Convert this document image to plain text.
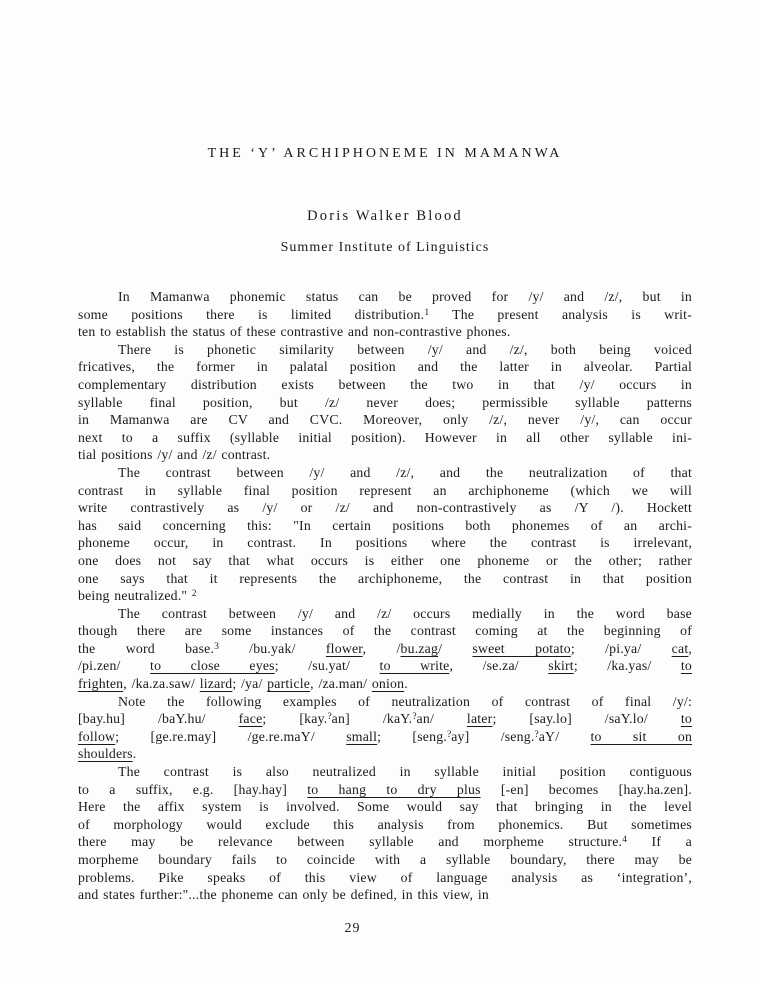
THE ‘Y’ ARCHIPHONEME IN MAMANWA
Doris Walker Blood
Summer Institute of Linguistics
In Mamanwa phonemic status can be proved for /y/ and /z/, but in
some positions there is limited distribution.$^1$ The present analysis is writ-
ten to establish the status of these contrastive and non-contrastive phones.
There is phonetic similarity between /y/ and /z/, both being voiced
fricatives, the former in palatal position and the latter in alveolar. Partial
complementary distribution exists between the two in that /y/ occurs in
syllable final position, but /z/ never does; permissible syllable patterns
in Mamanwa are CV and CVC. Moreover, only /z/, never /y/, can occur
next to a suffix (syllable initial position). However in all other syllable ini-
tial positions /y/ and /z/ contrast.
The contrast between /y/ and /z/, and the neutralization of that
contrast in syllable final position represent an archiphoneme (which we will
write contrastively as /y/ or /z/ and non-contrastively as /Y /). Hockett
has said concerning this: "In certain positions both phonemes of an archi-
phoneme occur, in contrast. In positions where the contrast is irrelevant,
one does not say that what occurs is either one phoneme or the other; rather
one says that it represents the archiphoneme, the contrast in that position
being neutralized." $^2$
The contrast between /y/ and /z/ occurs medially in the word base
though there are some instances of the contrast coming at the beginning of
the word base.$^3$ /bu.yak/ flower, /bu.zag/ sweet potato; /pi.ya/ cat,
/pi.zen/ to close eyes; /su.yat/ to write, /se.za/ skirt; /ka.yas/ to
frighten, /ka.za.saw/ lizard; /ya/ particle, /za.man/ onion.
Note the following examples of neutralization of contrast of final /y/:
[bay.hu] /baY.hu/ face; [kay.?an] /kaY.?an/ later; [say.lo] /saY.lo/ to
follow; [ge.re.may] /ge.re.maY/ small; [seng.?ay] /seng.?aY/ to sit on
shoulders.
The contrast is also neutralized in syllable initial position contiguous
to a suffix, e.g. [hay.hay] to hang to dry plus [-en] becomes [hay.ha.zen].
Here the affix system is involved. Some would say that bringing in the level
of morphology would exclude this analysis from phonemics. But sometimes
there may be relevance between syllable and morpheme structure.$^4$ If a
morpheme boundary fails to coincide with a syllable boundary, there may be
problems. Pike speaks of this view of language analysis as ‘integration’,
and states further:"...the phoneme can only be defined, in this view, in
29
